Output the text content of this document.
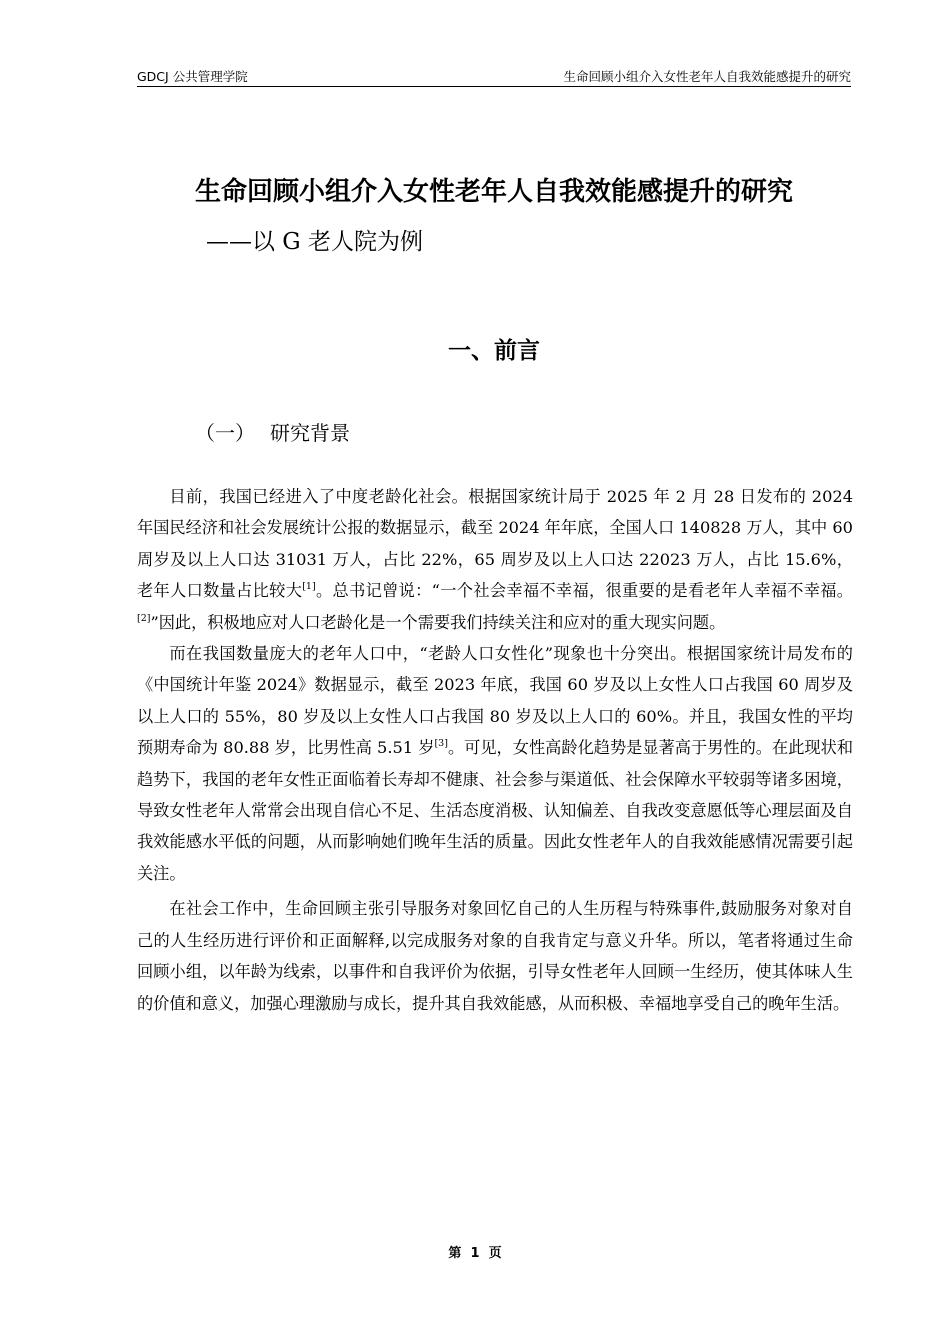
GDCJ 公共管理学院	生命回顾小组介入女性老年人自我效能感提升的研究
生命回顾小组介入女性老年人自我效能感提升的研究
——以 G 老人院为例
一、前言
（一） 研究背景

目前，我国已经进入了中度老龄化社会。根据国家统计局于 2025 年 2 月 28 日发布的 2024 年国民经济和社会发展统计公报的数据显示，截至 2024 年年底，全国人口 140828 万人，其中 60 周岁及以上人口达 31031 万人，占比 22%，65 周岁及以上人口达 22023 万人，占比 15.6%，老年人口数量占比较大[1]。总书记曾说：“一个社会幸福不幸福，很重要的是看老年人幸福不幸福。[2]”因此，积极地应对人口老龄化是一个需要我们持续关注和应对的重大现实问题。

而在我国数量庞大的老年人口中，“老龄人口女性化”现象也十分突出。根据国家统计局发布的《中国统计年鉴 2024》数据显示，截至 2023 年底，我国 60 岁及以上女性人口占我国 60 周岁及以上人口的 55%，80 岁及以上女性人口占我国 80 岁及以上人口的 60%。并且，我国女性的平均预期寿命为 80.88 岁，比男性高 5.51 岁[3]。可见，女性高龄化趋势是显著高于男性的。在此现状和趋势下，我国的老年女性正面临着长寿却不健康、社会参与渠道低、社会保障水平较弱等诸多困境，导致女性老年人常常会出现自信心不足、生活态度消极、认知偏差、自我改变意愿低等心理层面及自我效能感水平低的问题，从而影响她们晚年生活的质量。因此女性老年人的自我效能感情况需要引起关注。

在社会工作中，生命回顾主张引导服务对象回忆自己的人生历程与特殊事件,鼓励服务对象对自己的人生经历进行评价和正面解释,以完成服务对象的自我肯定与意义升华。所以，笔者将通过生命回顾小组，以年龄为线索，以事件和自我评价为依据，引导女性老年人回顾一生经历，使其体味人生的价值和意义，加强心理激励与成长，提升其自我效能感，从而积极、幸福地享受自己的晚年生活。

第  1  页
